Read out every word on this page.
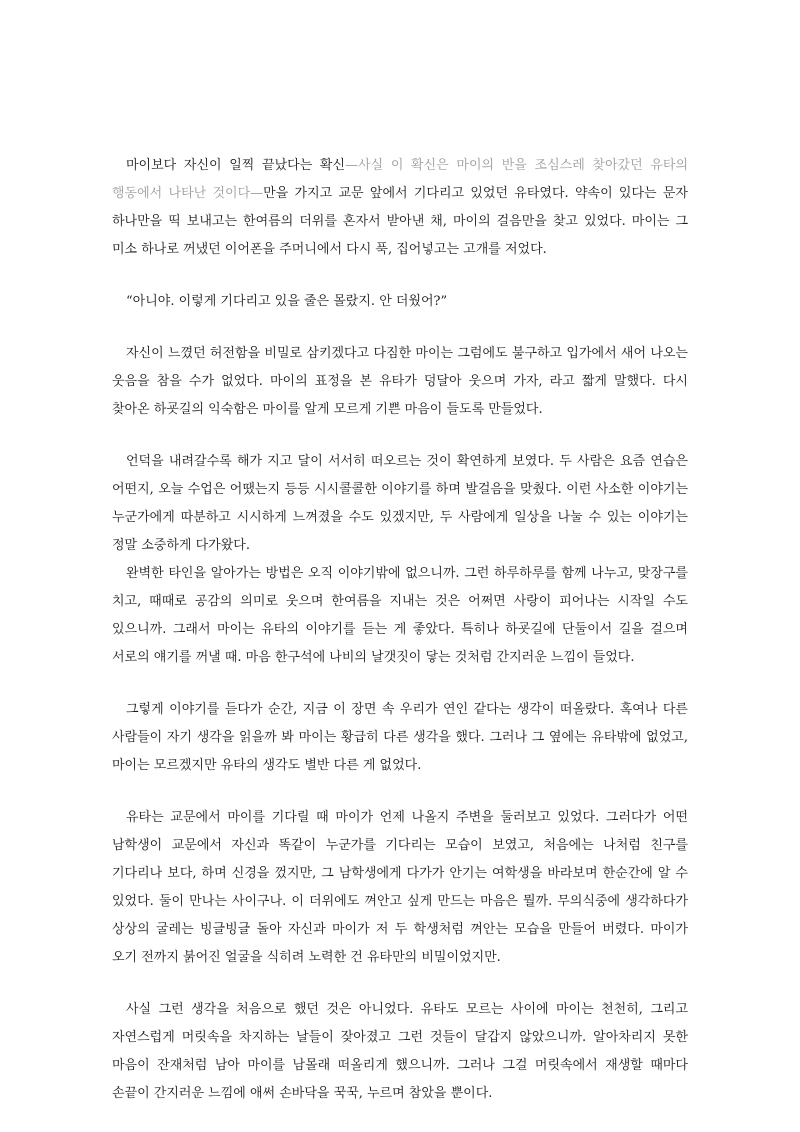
마이보다 자신이 일찍 끝났다는 확신—사실 이 확신은 마이의 반을 조심스레 찾아갔던 유타의 행동에서 나타난 것이다—만을 가지고 교문 앞에서 기다리고 있었던 유타였다. 약속이 있다는 문자 하나만을 띡 보내고는 한여름의 더위를 혼자서 받아낸 채, 마이의 걸음만을 찾고 있었다. 마이는 그 미소 하나로 꺼냈던 이어폰을 주머니에서 다시 푹, 집어넣고는 고개를 저었다.

“아니야. 이렇게 기다리고 있을 줄은 몰랐지. 안 더웠어?”

자신이 느꼈던 허전함을 비밀로 삼키겠다고 다짐한 마이는 그럼에도 불구하고 입가에서 새어 나오는 웃음을 참을 수가 없었다. 마이의 표정을 본 유타가 덩달아 웃으며 가자, 라고 짧게 말했다. 다시 찾아온 하굣길의 익숙함은 마이를 알게 모르게 기쁜 마음이 들도록 만들었다.

언덕을 내려갈수록 해가 지고 달이 서서히 떠오르는 것이 확연하게 보였다. 두 사람은 요즘 연습은 어떤지, 오늘 수업은 어땠는지 등등 시시콜콜한 이야기를 하며 발걸음을 맞췄다. 이런 사소한 이야기는 누군가에게 따분하고 시시하게 느껴졌을 수도 있겠지만, 두 사람에게 일상을 나눌 수 있는 이야기는 정말 소중하게 다가왔다.

완벽한 타인을 알아가는 방법은 오직 이야기밖에 없으니까. 그런 하루하루를 함께 나누고, 맞장구를 치고, 때때로 공감의 의미로 웃으며 한여름을 지내는 것은 어쩌면 사랑이 피어나는 시작일 수도 있으니까. 그래서 마이는 유타의 이야기를 듣는 게 좋았다. 특히나 하굣길에 단둘이서 길을 걸으며 서로의 얘기를 꺼낼 때. 마음 한구석에 나비의 날갯짓이 닿는 것처럼 간지러운 느낌이 들었다.

그렇게 이야기를 듣다가 순간, 지금 이 장면 속 우리가 연인 같다는 생각이 떠올랐다. 혹여나 다른 사람들이 자기 생각을 읽을까 봐 마이는 황급히 다른 생각을 했다. 그러나 그 옆에는 유타밖에 없었고, 마이는 모르겠지만 유타의 생각도 별반 다른 게 없었다.

유타는 교문에서 마이를 기다릴 때 마이가 언제 나올지 주변을 둘러보고 있었다. 그러다가 어떤 남학생이 교문에서 자신과 똑같이 누군가를 기다리는 모습이 보였고, 처음에는 나처럼 친구를 기다리나 보다, 하며 신경을 껐지만, 그 남학생에게 다가가 안기는 여학생을 바라보며 한순간에 알 수 있었다. 둘이 만나는 사이구나. 이 더위에도 껴안고 싶게 만드는 마음은 뭘까. 무의식중에 생각하다가 상상의 굴레는 빙글빙글 돌아 자신과 마이가 저 두 학생처럼 껴안는 모습을 만들어 버렸다. 마이가 오기 전까지 붉어진 얼굴을 식히려 노력한 건 유타만의 비밀이었지만.

사실 그런 생각을 처음으로 했던 것은 아니었다. 유타도 모르는 사이에 마이는 천천히, 그리고 자연스럽게 머릿속을 차지하는 날들이 잦아졌고 그런 것들이 달갑지 않았으니까. 알아차리지 못한 마음이 잔재처럼 남아 마이를 남몰래 떠올리게 했으니까. 그러나 그걸 머릿속에서 재생할 때마다 손끝이 간지러운 느낌에 애써 손바닥을 꾹꾹, 누르며 참았을 뿐이다.
